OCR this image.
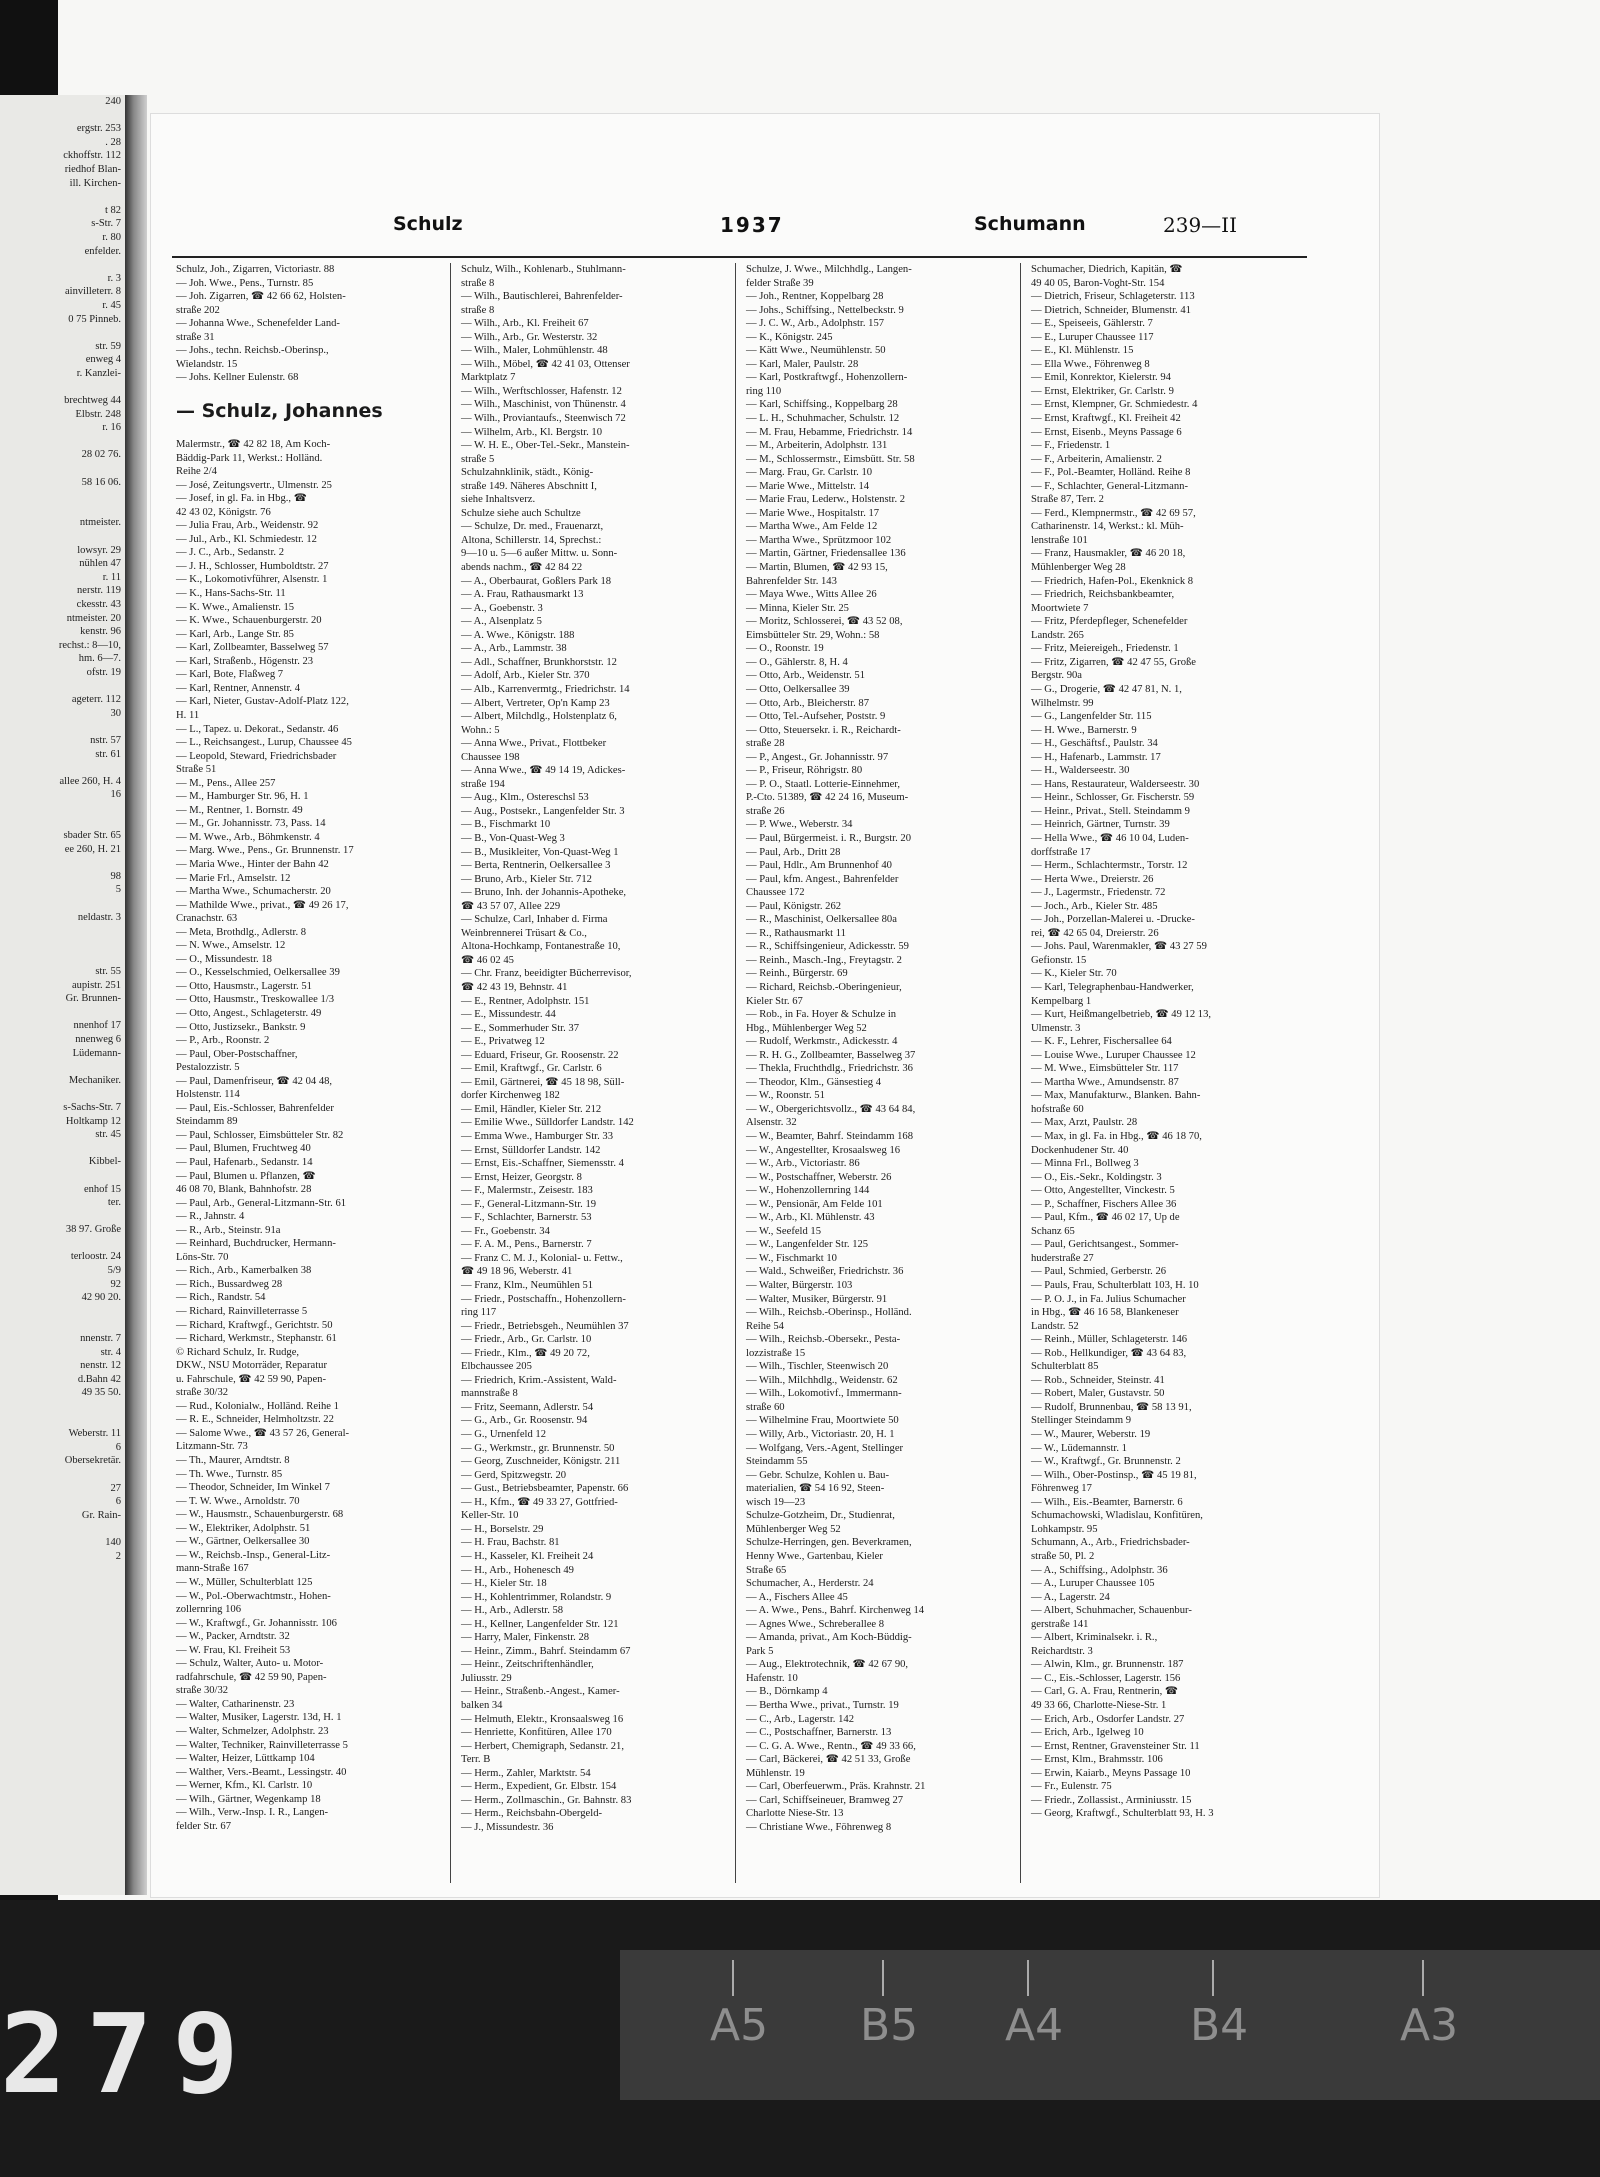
240

ergstr. 253
. 28
ckhoffstr. 112
riedhof Blan-
ill. Kirchen-

t 82
s-Str. 7
r. 80
enfelder.

r. 3
ainvilleterr. 8
r. 45
0 75 Pinneb.

str. 59
enweg 4
r. Kanzlei-

brechtweg 44
Elbstr. 248
r. 16

28 02 76.

58 16 06.

ntmeister.

lowsyr. 29
nühlen 47
r. 11
nerstr. 119
ckesstr. 43
ntmeister. 20
kenstr. 96
rechst.: 8—10,
hm. 6—7.
ofstr. 19

ageterr. 112
30

nstr. 57
str. 61

allee 260, H. 4
16

sbader Str. 65
ee 260, H. 21

98
5

neldastr. 3

str. 55
aupistr. 251
Gr. Brunnen-

nnenhof 17
nnenweg 6
Lüdemann-

Mechaniker.

s-Sachs-Str. 7
Holtkamp 12
str. 45

Kibbel-

enhof 15
ter.

38 97. Große

terloostr. 24
5/9
92
42 90 20.

nnenstr. 7
str. 4
nenstr. 12
d.Bahn 42
49 35 50.

Weberstr. 11
6
Obersekretär.

27
6
Gr. Rain-

140
2
Schulz	1937	Schumann	239—II
Schulz, Joh., Zigarren, Victoriastr. 88
— Joh. Wwe., Pens., Turnstr. 85
— Joh. Zigarren, ☎ 42 66 62, Holsten-
straße 202
— Johanna Wwe., Schenefelder Land-
straße 31
— Johs., techn. Reichsb.-Oberinsp.,
Wielandstr. 15
— Johs. Kellner Eulenstr. 68

— Schulz, Johannes

Malermstr., ☎ 42 82 18, Am Koch-
Bäddig-Park 11, Werkst.: Holländ.
Reihe 2/4
— José, Zeitungsvertr., Ulmenstr. 25
— Josef, in gl. Fa. in Hbg., ☎
42 43 02, Königstr. 76
— Julia Frau, Arb., Weidenstr. 92
— Jul., Arb., Kl. Schmiedestr. 12
— J. C., Arb., Sedanstr. 2
— J. H., Schlosser, Humboldtstr. 27
— K., Lokomotivführer, Alsenstr. 1
— K., Hans-Sachs-Str. 11
— K. Wwe., Amalienstr. 15
— K. Wwe., Schauenburgerstr. 20
— Karl, Arb., Lange Str. 85
— Karl, Zollbeamter, Basselweg 57
— Karl, Straßenb., Högenstr. 23
— Karl, Bote, Flaßweg 7
— Karl, Rentner, Annenstr. 4
— Karl, Nieter, Gustav-Adolf-Platz 122,
H. 11
— L., Tapez. u. Dekorat., Sedanstr. 46
— L., Reichsangest., Lurup, Chaussee 45
— Leopold, Steward, Friedrichsbader
Straße 51
— M., Pens., Allee 257
— M., Hamburger Str. 96, H. 1
— M., Rentner, 1. Bornstr. 49
— M., Gr. Johannisstr. 73, Pass. 14
— M. Wwe., Arb., Böhmkenstr. 4
— Marg. Wwe., Pens., Gr. Brunnenstr. 17
— Maria Wwe., Hinter der Bahn 42
— Marie Frl., Amselstr. 12
— Martha Wwe., Schumacherstr. 20
— Mathilde Wwe., privat., ☎ 49 26 17,
Cranachstr. 63
— Meta, Brothdlg., Adlerstr. 8
— N. Wwe., Amselstr. 12
— O., Missundestr. 18
— O., Kesselschmied, Oelkersallee 39
— Otto, Hausmstr., Lagerstr. 51
— Otto, Hausmstr., Treskowallee 1/3
— Otto, Angest., Schlageterstr. 49
— Otto, Justizsekr., Bankstr. 9
— P., Arb., Roonstr. 2
— Paul, Ober-Postschaffner,
Pestalozzistr. 5
— Paul, Damenfriseur, ☎ 42 04 48,
Holstenstr. 114
— Paul, Eis.-Schlosser, Bahrenfelder
Steindamm 89
— Paul, Schlosser, Eimsbütteler Str. 82
— Paul, Blumen, Fruchtweg 40
— Paul, Hafenarb., Sedanstr. 14
— Paul, Blumen u. Pflanzen, ☎
46 08 70, Blank, Bahnhofstr. 28
— Paul, Arb., General-Litzmann-Str. 61
— R., Jahnstr. 4
— R., Arb., Steinstr. 91a
— Reinhard, Buchdrucker, Hermann-
Löns-Str. 70
— Rich., Arb., Kamerbalken 38
— Rich., Bussardweg 28
— Rich., Randstr. 54
— Richard, Rainvilleterrasse 5
— Richard, Kraftwgf., Gerichtstr. 50
— Richard, Werkmstr., Stephanstr. 61
© Richard Schulz, Ir. Rudge,
DKW., NSU Motorräder, Reparatur
u. Fahrschule, ☎ 42 59 90, Papen-
straße 30/32
— Rud., Kolonialw., Holländ. Reihe 1
— R. E., Schneider, Helmholtzstr. 22
— Salome Wwe., ☎ 43 57 26, General-
Litzmann-Str. 73
— Th., Maurer, Arndtstr. 8
— Th. Wwe., Turnstr. 85
— Theodor, Schneider, Im Winkel 7
— T. W. Wwe., Arnoldstr. 70
— W., Hausmstr., Schauenburgerstr. 68
— W., Elektriker, Adolphstr. 51
— W., Gärtner, Oelkersallee 30
— W., Reichsb.-Insp., General-Litz-
mann-Straße 167
— W., Müller, Schulterblatt 125
— W., Pol.-Oberwachtmstr., Hohen-
zollernring 106
— W., Kraftwgf., Gr. Johannisstr. 106
— W., Packer, Arndtstr. 32
— W. Frau, Kl. Freiheit 53
— Schulz, Walter, Auto- u. Motor-
radfahrschule, ☎ 42 59 90, Papen-
straße 30/32
— Walter, Catharinenstr. 23
— Walter, Musiker, Lagerstr. 13d, H. 1
— Walter, Schmelzer, Adolphstr. 23
— Walter, Techniker, Rainvilleterrasse 5
— Walter, Heizer, Lüttkamp 104
— Walther, Vers.-Beamt., Lessingstr. 40
— Werner, Kfm., Kl. Carlstr. 10
— Wilh., Gärtner, Wegenkamp 18
— Wilh., Verw.-Insp. I. R., Langen-
felder Str. 67
Schulz, Wilh., Kohlenarb., Stuhlmann-
straße 8
— Wilh., Bautischlerei, Bahrenfelder-
straße 8
— Wilh., Arb., Kl. Freiheit 67
— Wilh., Arb., Gr. Westerstr. 32
— Wilh., Maler, Lohmühlenstr. 48
— Wilh., Möbel, ☎ 42 41 03, Ottenser
Marktplatz 7
— Wilh., Werftschlosser, Hafenstr. 12
— Wilh., Maschinist, von Thünenstr. 4
— Wilh., Proviantaufs., Steenwisch 72
— Wilhelm, Arb., Kl. Bergstr. 10
— W. H. E., Ober-Tel.-Sekr., Manstein-
straße 5
Schulzahnklinik, städt., König-
straße 149. Näheres Abschnitt I,
siehe Inhaltsverz.
Schulze siehe auch Schultze
— Schulze, Dr. med., Frauenarzt,
Altona, Schillerstr. 14, Sprechst.:
9—10 u. 5—6 außer Mittw. u. Sonn-
abends nachm., ☎ 42 84 22
— A., Oberbaurat, Goßlers Park 18
— A. Frau, Rathausmarkt 13
— A., Goebenstr. 3
— A., Alsenplatz 5
— A. Wwe., Königstr. 188
— A., Arb., Lammstr. 38
— Adl., Schaffner, Brunkhorststr. 12
— Adolf, Arb., Kieler Str. 370
— Alb., Karrenvermtg., Friedrichstr. 14
— Albert, Vertreter, Op'n Kamp 23
— Albert, Milchdlg., Holstenplatz 6,
Wohn.: 5
— Anna Wwe., Privat., Flottbeker
Chaussee 198
— Anna Wwe., ☎ 49 14 19, Adickes-
straße 194
— Aug., Klm., Ostereschsl 53
— Aug., Postsekr., Langenfelder Str. 3
— B., Fischmarkt 10
— B., Von-Quast-Weg 3
— B., Musikleiter, Von-Quast-Weg 1
— Berta, Rentnerin, Oelkersallee 3
— Bruno, Arb., Kieler Str. 712
— Bruno, Inh. der Johannis-Apotheke,
☎ 43 57 07, Allee 229
— Schulze, Carl, Inhaber d. Firma
Weinbrennerei Trüsart & Co.,
Altona-Hochkamp, Fontanestraße 10,
☎ 46 02 45
— Chr. Franz, beeidigter Bücherrevisor,
☎ 42 43 19, Behnstr. 41
— E., Rentner, Adolphstr. 151
— E., Missundestr. 44
— E., Sommerhuder Str. 37
— E., Privatweg 12
— Eduard, Friseur, Gr. Roosenstr. 22
— Emil, Kraftwgf., Gr. Carlstr. 6
— Emil, Gärtnerei, ☎ 45 18 98, Süll-
dorfer Kirchenweg 182
— Emil, Händler, Kieler Str. 212
— Emilie Wwe., Sülldorfer Landstr. 142
— Emma Wwe., Hamburger Str. 33
— Ernst, Sülldorfer Landstr. 142
— Ernst, Eis.-Schaffner, Siemensstr. 4
— Ernst, Heizer, Georgstr. 8
— F., Malermstr., Zeisestr. 183
— F., General-Litzmann-Str. 19
— F., Schlachter, Barnerstr. 53
— Fr., Goebenstr. 34
— F. A. M., Pens., Barnerstr. 7
— Franz C. M. J., Kolonial- u. Fettw.,
☎ 49 18 96, Weberstr. 41
— Franz, Klm., Neumühlen 51
— Friedr., Postschaffn., Hohenzollern-
ring 117
— Friedr., Betriebsgeh., Neumühlen 37
— Friedr., Arb., Gr. Carlstr. 10
— Friedr., Klm., ☎ 49 20 72,
Elbchaussee 205
— Friedrich, Krim.-Assistent, Wald-
mannstraße 8
— Fritz, Seemann, Adlerstr. 54
— G., Arb., Gr. Roosenstr. 94
— G., Urnenfeld 12
— G., Werkmstr., gr. Brunnenstr. 50
— Georg, Zuschneider, Königstr. 211
— Gerd, Spitzwegstr. 20
— Gust., Betriebsbeamter, Papenstr. 66
— H., Kfm., ☎ 49 33 27, Gottfried-
Keller-Str. 10
— H., Borselstr. 29
— H. Frau, Bachstr. 81
— H., Kasseler, Kl. Freiheit 24
— H., Arb., Hohenesch 49
— H., Kieler Str. 18
— H., Kohlentrimmer, Rolandstr. 9
— H., Arb., Adlerstr. 58
— H., Kellner, Langenfelder Str. 121
— Harry, Maler, Finkenstr. 28
— Heinr., Zimm., Bahrf. Steindamm 67
— Heinr., Zeitschriftenhändler,
Juliusstr. 29
— Heinr., Straßenb.-Angest., Kamer-
balken 34
— Helmuth, Elektr., Kronsaalsweg 16
— Henriette, Konfitüren, Allee 170
— Herbert, Chemigraph, Sedanstr. 21,
Terr. B
— Herm., Zahler, Marktstr. 54
— Herm., Expedient, Gr. Elbstr. 154
— Herm., Zollmaschin., Gr. Bahnstr. 83
— Herm., Reichsbahn-Obergeld-
— J., Missundestr. 36
Schulze, J. Wwe., Milchhdlg., Langen-
felder Straße 39
— Joh., Rentner, Koppelbarg 28
— Johs., Schiffsing., Nettelbeckstr. 9
— J. C. W., Arb., Adolphstr. 157
— K., Königstr. 245
— Kätt Wwe., Neumühlenstr. 50
— Karl, Maler, Paulstr. 28
— Karl, Postkraftwgf., Hohenzollern-
ring 110
— Karl, Schiffsing., Koppelbarg 28
— L. H., Schuhmacher, Schulstr. 12
— M. Frau, Hebamme, Friedrichstr. 14
— M., Arbeiterin, Adolphstr. 131
— M., Schlossermstr., Eimsbütt. Str. 58
— Marg. Frau, Gr. Carlstr. 10
— Marie Wwe., Mittelstr. 14
— Marie Frau, Lederw., Holstenstr. 2
— Marie Wwe., Hospitalstr. 17
— Martha Wwe., Am Felde 12
— Martha Wwe., Sprützmoor 102
— Martin, Gärtner, Friedensallee 136
— Martin, Blumen, ☎ 42 93 15,
Bahrenfelder Str. 143
— Maya Wwe., Witts Allee 26
— Minna, Kieler Str. 25
— Moritz, Schlosserei, ☎ 43 52 08,
Eimsbütteler Str. 29, Wohn.: 58
— O., Roonstr. 19
— O., Gählerstr. 8, H. 4
— Otto, Arb., Weidenstr. 51
— Otto, Oelkersallee 39
— Otto, Arb., Bleicherstr. 87
— Otto, Tel.-Aufseher, Poststr. 9
— Otto, Steuersekr. i. R., Reichardt-
straße 28
— P., Angest., Gr. Johannisstr. 97
— P., Friseur, Röhrigstr. 80
— P. O., Staatl. Lotterie-Einnehmer,
P.-Cto. 51389, ☎ 42 24 16, Museum-
straße 26
— P. Wwe., Weberstr. 34
— Paul, Bürgermeist. i. R., Burgstr. 20
— Paul, Arb., Dritt 28
— Paul, Hdlr., Am Brunnenhof 40
— Paul, kfm. Angest., Bahrenfelder
Chaussee 172
— Paul, Königstr. 262
— R., Maschinist, Oelkersallee 80a
— R., Rathausmarkt 11
— R., Schiffsingenieur, Adickesstr. 59
— Reinh., Masch.-Ing., Freytagstr. 2
— Reinh., Bürgerstr. 69
— Richard, Reichsb.-Oberingenieur,
Kieler Str. 67
— Rob., in Fa. Hoyer & Schulze in
Hbg., Mühlenberger Weg 52
— Rudolf, Werkmstr., Adickesstr. 4
— R. H. G., Zollbeamter, Basselweg 37
— Thekla, Fruchthdlg., Friedrichstr. 36
— Theodor, Klm., Gänsestieg 4
— W., Roonstr. 51
— W., Obergerichtsvollz., ☎ 43 64 84,
Alsenstr. 32
— W., Beamter, Bahrf. Steindamm 168
— W., Angestellter, Krosaalsweg 16
— W., Arb., Victoriastr. 86
— W., Postschaffner, Weberstr. 26
— W., Hohenzollernring 144
— W., Pensionär, Am Felde 101
— W., Arb., Kl. Mühlenstr. 43
— W., Seefeld 15
— W., Langenfelder Str. 125
— W., Fischmarkt 10
— Wald., Schweißer, Friedrichstr. 36
— Walter, Bürgerstr. 103
— Walter, Musiker, Bürgerstr. 91
— Wilh., Reichsb.-Oberinsp., Holländ.
Reihe 54
— Wilh., Reichsb.-Obersekr., Pesta-
lozzistraße 15
— Wilh., Tischler, Steenwisch 20
— Wilh., Milchhdlg., Weidenstr. 62
— Wilh., Lokomotivf., Immermann-
straße 60
— Wilhelmine Frau, Moortwiete 50
— Willy, Arb., Victoriastr. 20, H. 1
— Wolfgang, Vers.-Agent, Stellinger
Steindamm 55
— Gebr. Schulze, Kohlen u. Bau-
materialien, ☎ 54 16 92, Steen-
wisch 19—23
Schulze-Gotzheim, Dr., Studienrat,
Mühlenberger Weg 52
Schulze-Herringen, gen. Beverkramen,
Henny Wwe., Gartenbau, Kieler
Straße 65
Schumacher, A., Herderstr. 24
— A., Fischers Allee 45
— A. Wwe., Pens., Bahrf. Kirchenweg 14
— Agnes Wwe., Schreberallee 8
— Amanda, privat., Am Koch-Büddig-
Park 5
— Aug., Elektrotechnik, ☎ 42 67 90,
Hafenstr. 10
— B., Dörnkamp 4
— Bertha Wwe., privat., Turnstr. 19
— C., Arb., Lagerstr. 142
— C., Postschaffner, Barnerstr. 13
— C. G. A. Wwe., Rentn., ☎ 49 33 66,
— Carl, Bäckerei, ☎ 42 51 33, Große
Mühlenstr. 19
— Carl, Oberfeuerwm., Präs. Krahnstr. 21
— Carl, Schiffseineuer, Bramweg 27
Charlotte Niese-Str. 13
— Christiane Wwe., Föhrenweg 8
Schumacher, Diedrich, Kapitän, ☎
49 40 05, Baron-Voght-Str. 154
— Dietrich, Friseur, Schlageterstr. 113
— Dietrich, Schneider, Blumenstr. 41
— E., Speiseeis, Gählerstr. 7
— E., Luruper Chaussee 117
— E., Kl. Mühlenstr. 15
— Ella Wwe., Föhrenweg 8
— Emil, Konrektor, Kielerstr. 94
— Ernst, Elektriker, Gr. Carlstr. 9
— Ernst, Klempner, Gr. Schmiedestr. 4
— Ernst, Kraftwgf., Kl. Freiheit 42
— Ernst, Eisenb., Meyns Passage 6
— F., Friedenstr. 1
— F., Arbeiterin, Amalienstr. 2
— F., Pol.-Beamter, Holländ. Reihe 8
— F., Schlachter, General-Litzmann-
Straße 87, Terr. 2
— Ferd., Klempnermstr., ☎ 42 69 57,
Catharinenstr. 14, Werkst.: kl. Müh-
lenstraße 101
— Franz, Hausmakler, ☎ 46 20 18,
Mühlenberger Weg 28
— Friedrich, Hafen-Pol., Ekenknick 8
— Friedrich, Reichsbankbeamter,
Moortwiete 7
— Fritz, Pferdepfleger, Schenefelder
Landstr. 265
— Fritz, Meiereigeh., Friedenstr. 1
— Fritz, Zigarren, ☎ 42 47 55, Große
Bergstr. 90a
— G., Drogerie, ☎ 42 47 81, N. 1,
Wilhelmstr. 99
— G., Langenfelder Str. 115
— H. Wwe., Barnerstr. 9
— H., Geschäftsf., Paulstr. 34
— H., Hafenarb., Lammstr. 17
— H., Walderseestr. 30
— Hans, Restaurateur, Walderseestr. 30
— Heinr., Schlosser, Gr. Fischerstr. 59
— Heinr., Privat., Stell. Steindamm 9
— Heinrich, Gärtner, Turnstr. 39
— Hella Wwe., ☎ 46 10 04, Luden-
dorffstraße 17
— Herm., Schlachtermstr., Torstr. 12
— Herta Wwe., Dreierstr. 26
— J., Lagermstr., Friedenstr. 72
— Joch., Arb., Kieler Str. 485
— Joh., Porzellan-Malerei u. -Drucke-
rei, ☎ 42 65 04, Dreierstr. 26
— Johs. Paul, Warenmakler, ☎ 43 27 59
Gefionstr. 15
— K., Kieler Str. 70
— Karl, Telegraphenbau-Handwerker,
Kempelbarg 1
— Kurt, Heißmangelbetrieb, ☎ 49 12 13,
Ulmenstr. 3
— K. F., Lehrer, Fischersallee 64
— Louise Wwe., Luruper Chaussee 12
— M. Wwe., Eimsbütteler Str. 117
— Martha Wwe., Amundsenstr. 87
— Max, Manufakturw., Blanken. Bahn-
hofstraße 60
— Max, Arzt, Paulstr. 28
— Max, in gl. Fa. in Hbg., ☎ 46 18 70,
Dockenhudener Str. 40
— Minna Frl., Bollweg 3
— O., Eis.-Sekr., Koldingstr. 3
— Otto, Angestellter, Vinckestr. 5
— P., Schaffner, Fischers Allee 36
— Paul, Kfm., ☎ 46 02 17, Up de
Schanz 65
— Paul, Gerichtsangest., Sommer-
huderstraße 27
— Paul, Schmied, Gerberstr. 26
— Pauls, Frau, Schulterblatt 103, H. 10
— P. O. J., in Fa. Julius Schumacher
in Hbg., ☎ 46 16 58, Blankeneser
Landstr. 52
— Reinh., Müller, Schlageterstr. 146
— Rob., Hellkundiger, ☎ 43 64 83,
Schulterblatt 85
— Rob., Schneider, Steinstr. 41
— Robert, Maler, Gustavstr. 50
— Rudolf, Brunnenbau, ☎ 58 13 91,
Stellinger Steindamm 9
— W., Maurer, Weberstr. 19
— W., Lüdemannstr. 1
— W., Kraftwgf., Gr. Brunnenstr. 2
— Wilh., Ober-Postinsp., ☎ 45 19 81,
Föhrenweg 17
— Wilh., Eis.-Beamter, Barnerstr. 6
Schumachowski, Wladislau, Konfitüren,
Lohkampstr. 95
Schumann, A., Arb., Friedrichsbader-
straße 50, Pl. 2
— A., Schiffsing., Adolphstr. 36
— A., Luruper Chaussee 105
— A., Lagerstr. 24
— Albert, Schuhmacher, Schauenbur-
gerstraße 141
— Albert, Kriminalsekr. i. R.,
Reichardtstr. 3
— Alwin, Klm., gr. Brunnenstr. 187
— C., Eis.-Schlosser, Lagerstr. 156
— Carl, G. A. Frau, Rentnerin, ☎
49 33 66, Charlotte-Niese-Str. 1
— Erich, Arb., Osdorfer Landstr. 27
— Erich, Arb., Igelweg 10
— Ernst, Rentner, Gravensteiner Str. 11
— Ernst, Klm., Brahmsstr. 106
— Erwin, Kaiarb., Meyns Passage 10
— Fr., Eulenstr. 75
— Friedr., Zollassist., Arminiusstr. 15
— Georg, Kraftwgf., Schulterblatt 93, H. 3
279	A5 B5 A4	B4	A3
